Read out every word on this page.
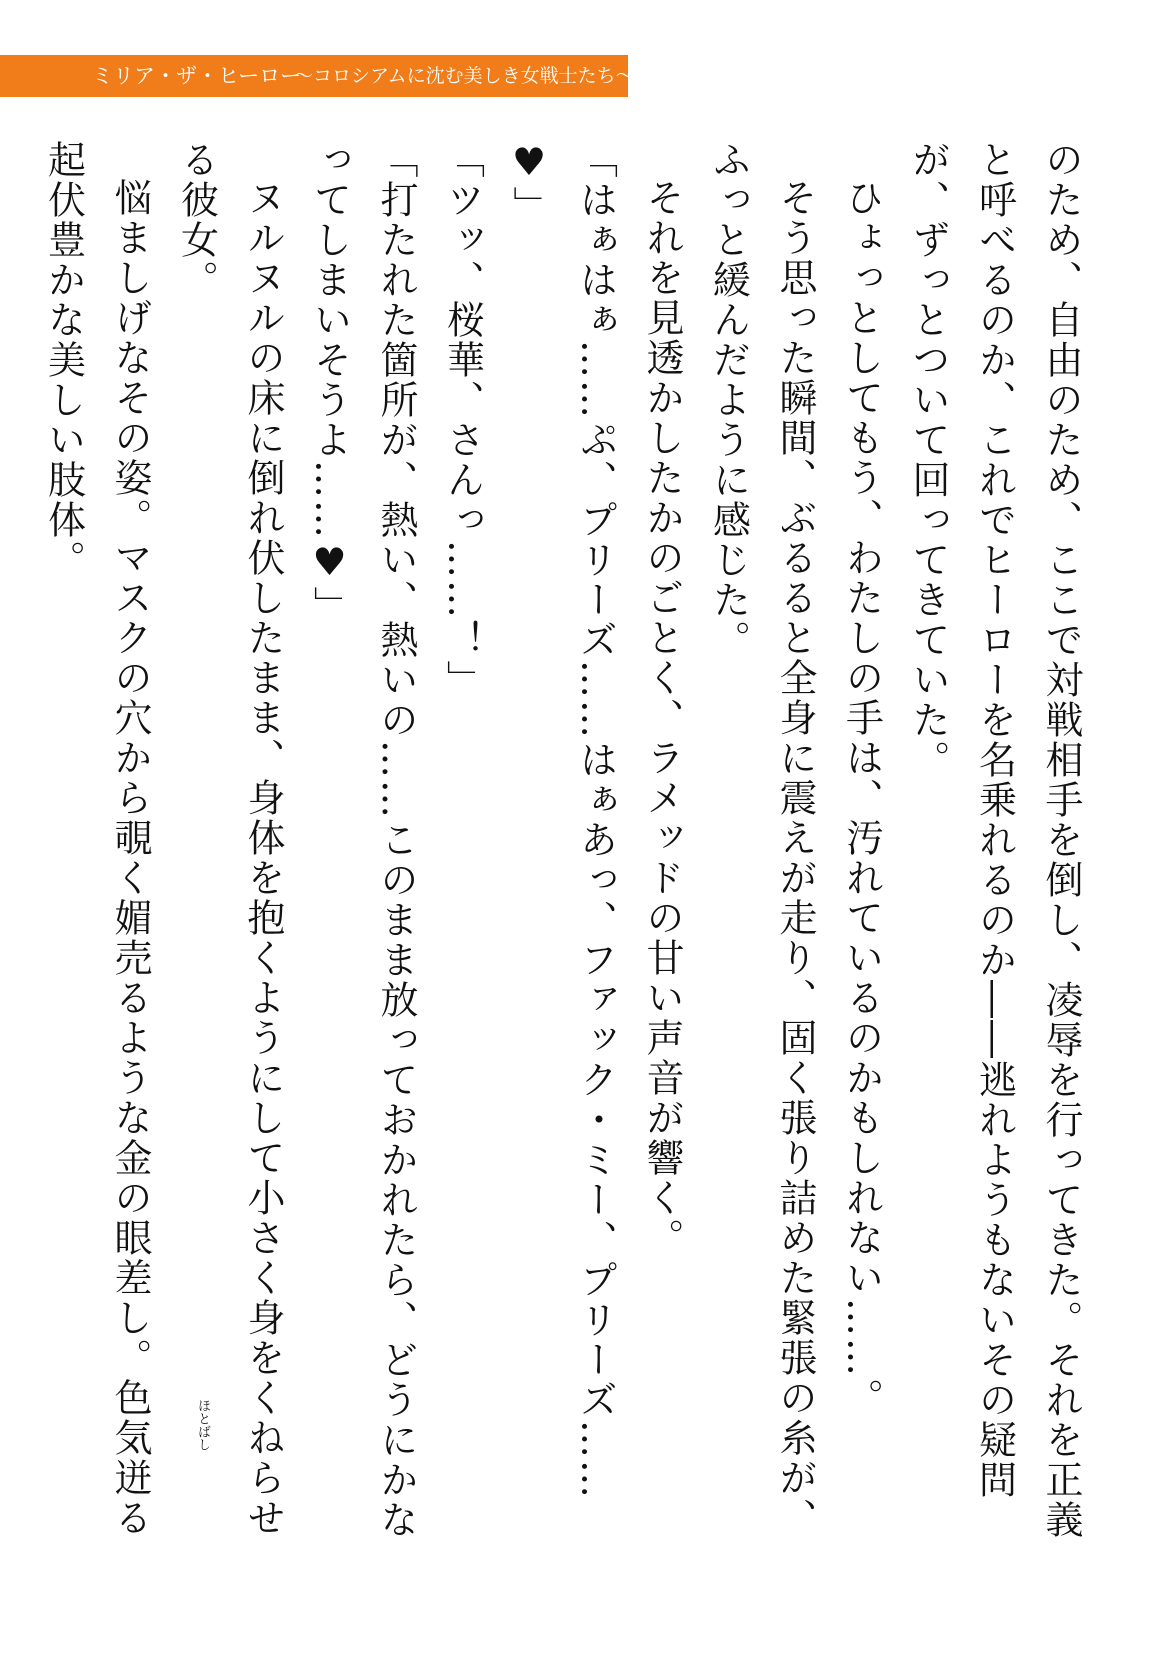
ミリア・ザ・ヒーロー
〜コロシアムに沈む美しき女戦士たち〜

のため、自由のため、ここで対戦相手を倒し、凌辱を行ってきた。それを正義と呼べるのか、これでヒーローを名乗れるのか――逃れようもないその疑問が、ずっとついて回ってきていた。

ひょっとしてもう、わたしの手は、汚れているのかもしれない……。

そう思った瞬間、ぶるると全身に震えが走り、固く張り詰めた緊張の糸が、ふっと緩んだように感じた。

それを見透かしたかのごとく、ラメッドの甘い声音が響く。

「はぁはぁ……ぷ、プリーズ……はぁあっ、ファック・ミー、プリーズ……♥」

「ツッ、桜華、さんっ……！」

「打たれた箇所が、熱い、熱いの……このまま放っておかれたら、どうにかなってしまいそうよ……♥」

ヌルヌルの床に倒れ伏したまま、身体を抱くようにして小さく身をくねらせる彼女。

悩ましげなその姿。マスクの穴から覗く媚売るような金の眼差し。色気迸る起伏豊かな美しい肢体。

ほとばし
